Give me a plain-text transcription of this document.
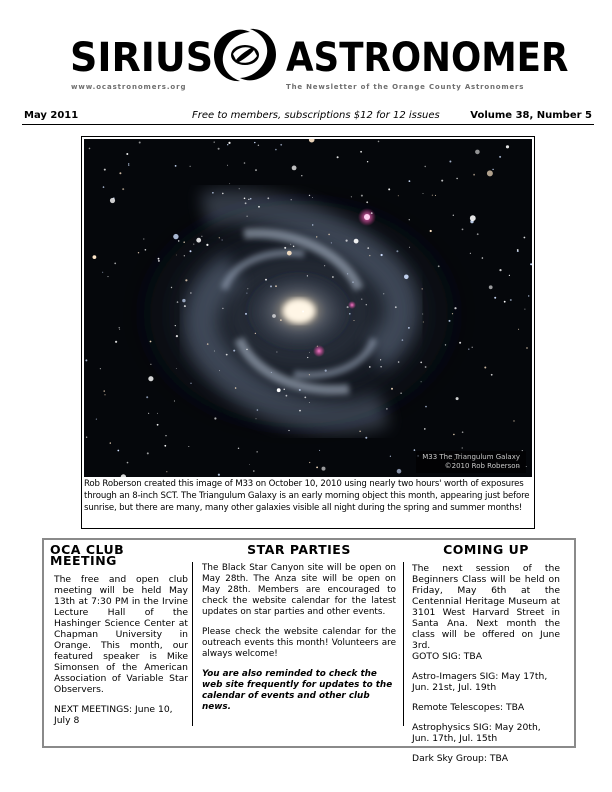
SIRIUS ASTRONOMER
www.ocastronomers.org	The Newsletter of the Orange County Astronomers
May 2011	Free to members, subscriptions $12 for 12 issues	Volume 38, Number 5
M33 The Triangulum Galaxy
©2010 Rob Roberson
Rob Roberson created this image of M33 on October 10, 2010 using nearly two hours' worth of exposures through an 8-inch SCT. The Triangulum Galaxy is an early morning object this month, appearing just before sunrise, but there are many, many other galaxies visible all night during the spring and summer months!
OCA CLUB MEETING

The free and open club meeting will be held May 13th at 7:30 PM in the Irvine Lecture Hall of the Hashinger Science Center at Chapman University in Orange. This month, our featured speaker is Mike Simonsen of the American Association of Variable Star Observers.

NEXT MEETINGS: June 10, July 8

STAR PARTIES

The Black Star Canyon site will be open on May 28th. The Anza site will be open on May 28th. Members are encouraged to check the website calendar for the latest updates on star parties and other events.

Please check the website calendar for the outreach events this month! Volunteers are always welcome!

You are also reminded to check the web site frequently for updates to the calendar of events and other club news.

COMING UP

The next session of the Beginners Class will be held on Friday, May 6th at the Centennial Heritage Museum at 3101 West Harvard Street in Santa Ana. Next month the class will be offered on June 3rd.

GOTO SIG: TBA

Astro-Imagers SIG: May 17th, Jun. 21st, Jul. 19th

Remote Telescopes: TBA

Astrophysics SIG: May 20th, Jun. 17th, Jul. 15th

Dark Sky Group: TBA
